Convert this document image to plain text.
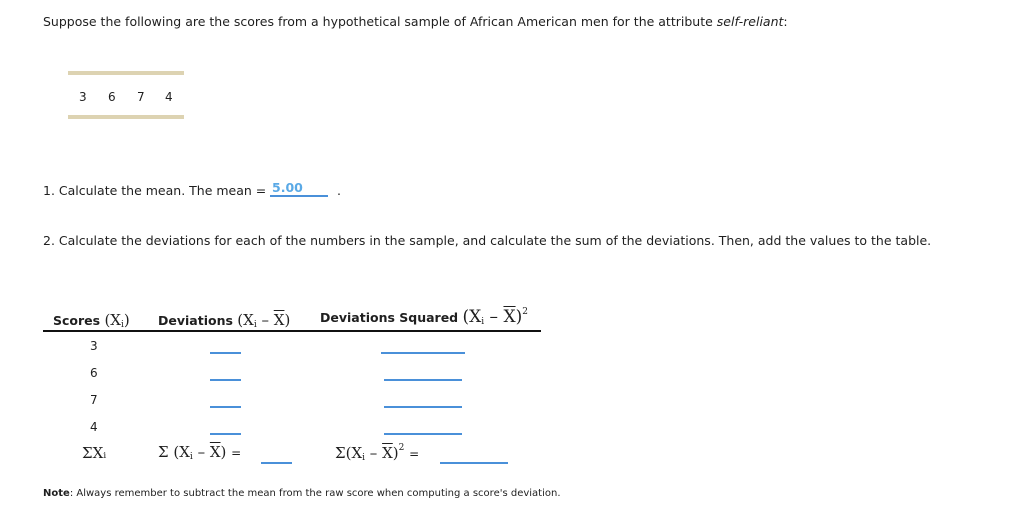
Suppose the following are the scores from a hypothetical sample of African American men for the attribute self-reliant:
3 6 7 4
1. Calculate the mean. The mean = 5.00	.
2. Calculate the deviations for each of the numbers in the sample, and calculate the sum of the deviations. Then, add the values to the table.
Scores $(X_i)$ Deviations $(X_i - \overline{X})$ Deviations Squared $(X_i - \overline{X})^2$
3
6
7
4
ΣXᵢ	Σ $(X_i - \overline{X})$ =	$\Sigma(X_i - \overline{X})^2$ =
Note: Always remember to subtract the mean from the raw score when computing a score's deviation.
